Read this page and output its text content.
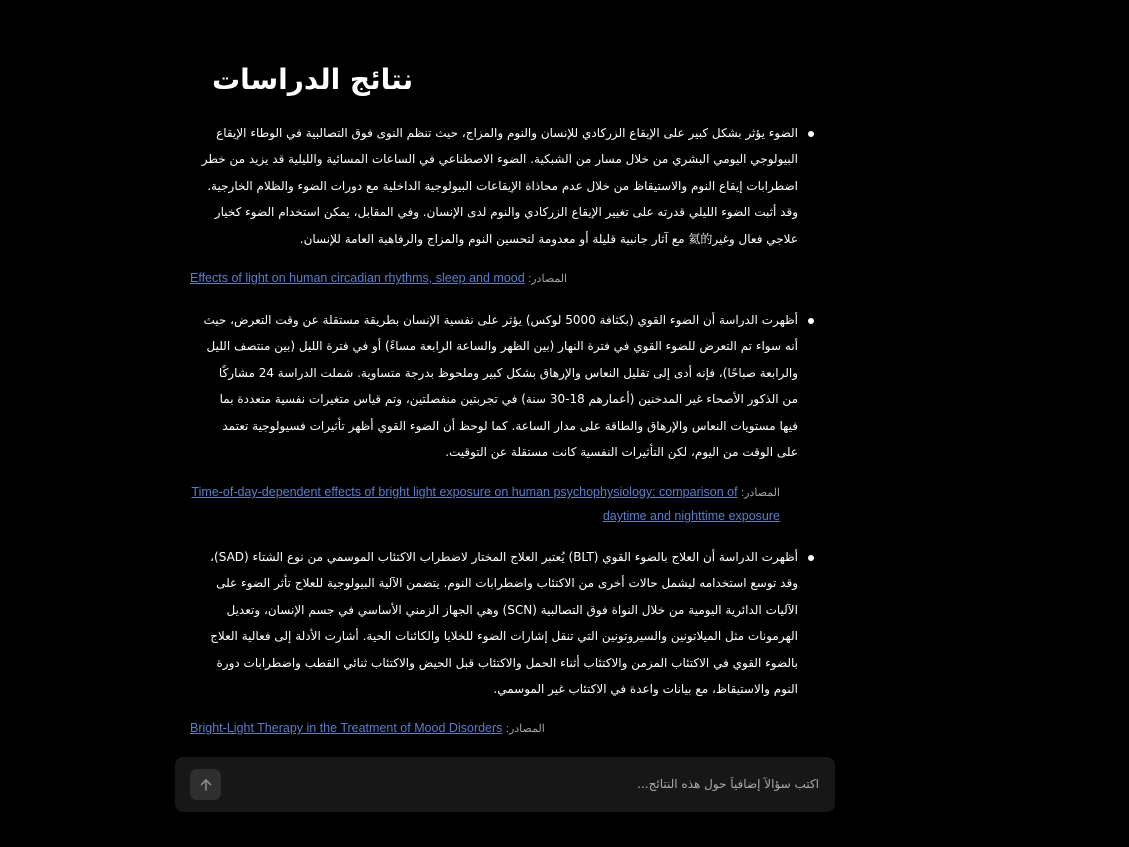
نتائج الدراسات

الضوء يؤثر بشكل كبير على الإيقاع الزركادي للإنسان والنوم والمزاج، حيث تنظم النوى فوق التصالبية في الوطاء الإيقاع البيولوجي اليومي البشري من خلال مسار من الشبكية. الضوء الاصطناعي في الساعات المسائية والليلية قد يزيد من خطر اضطرابات إيقاع النوم والاستيقاظ من خلال عدم محاذاة الإيقاعات البيولوجية الداخلية مع دورات الضوء والظلام الخارجية. وقد أثبت الضوء الليلي قدرته على تغيير الإيقاع الزركادي والنوم لدى الإنسان. وفي المقابل، يمكن استخدام الضوء كخيار علاجي فعال وغير氦的 مع آثار جانبية قليلة أو معدومة لتحسين النوم والمزاج والرفاهية العامة للإنسان.

المصادر: Effects of light on human circadian rhythms, sleep and mood

أظهرت الدراسة أن الضوء القوي (بكثافة 5000 لوكس) يؤثر على نفسية الإنسان بطريقة مستقلة عن وقت التعرض، حيث أنه سواء تم التعرض للضوء القوي في فترة النهار (بين الظهر والساعة الرابعة مساءً) أو في فترة الليل (بين منتصف الليل والرابعة صباحًا)، فإنه أدى إلى تقليل النعاس والإرهاق بشكل كبير وملحوظ بدرجة متساوية. شملت الدراسة 24 مشاركًا من الذكور الأصحاء غير المدخنين (أعمارهم 18-30 سنة) في تجربتين منفصلتين، وتم قياس متغيرات نفسية متعددة بما فيها مستويات النعاس والإرهاق والطاقة على مدار الساعة. كما لوحظ أن الضوء القوي أظهر تأثيرات فسيولوجية تعتمد على الوقت من اليوم، لكن التأثيرات النفسية كانت مستقلة عن التوقيت.

المصادر: Time-of-day-dependent effects of bright light exposure on human psychophysiology: comparison of daytime and nighttime exposure

أظهرت الدراسة أن العلاج بالضوء القوي (BLT) يُعتبر العلاج المختار لاضطراب الاكتئاب الموسمي من نوع الشتاء (SAD)، وقد توسع استخدامه ليشمل حالات أخرى من الاكتئاب واضطرابات النوم. يتضمن الآلية البيولوجية للعلاج تأثر الضوء على الآليات الدائرية اليومية من خلال النواة فوق التصالبية (SCN) وهي الجهاز الزمني الأساسي في جسم الإنسان، وتعديل الهرمونات مثل الميلاتونين والسيروتونين التي تنقل إشارات الضوء للخلايا والكائنات الحية. أشارت الأدلة إلى فعالية العلاج بالضوء القوي في الاكتئاب المزمن والاكتئاب أثناء الحمل والاكتئاب قبل الحيض والاكتئاب ثنائي القطب واضطرابات دورة النوم والاستيقاظ، مع بيانات واعدة في الاكتئاب غير الموسمي.

المصادر: Bright-Light Therapy in the Treatment of Mood Disorders
اكتب سؤالاً إضافياً حول هذه النتائج...
